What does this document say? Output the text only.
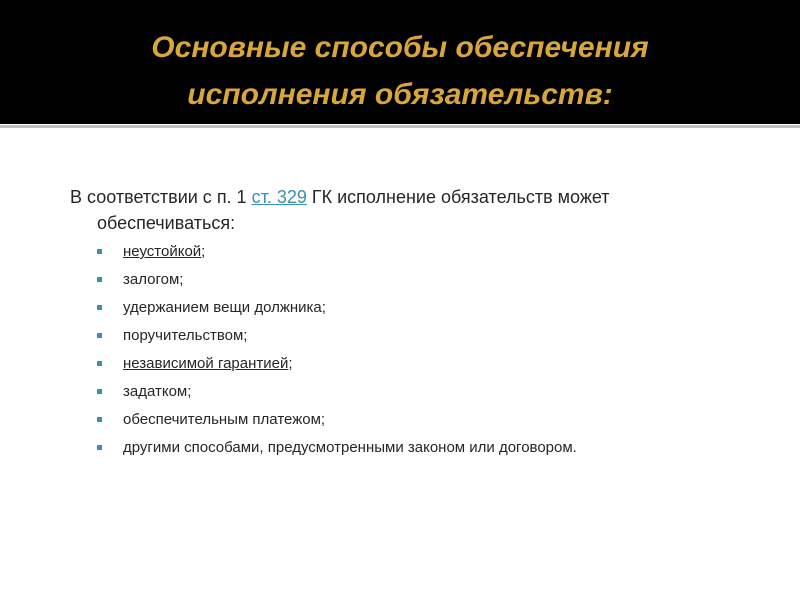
Основные способы обеспечения
исполнения обязательств:

В соответствии с п. 1 ст. 329 ГК исполнение обязательств может обеспечиваться:

неустойкой;
залогом;
удержанием вещи должника;
поручительством;
независимой гарантией;
задатком;
обеспечительным платежом;
другими способами, предусмотренными законом или договором.
